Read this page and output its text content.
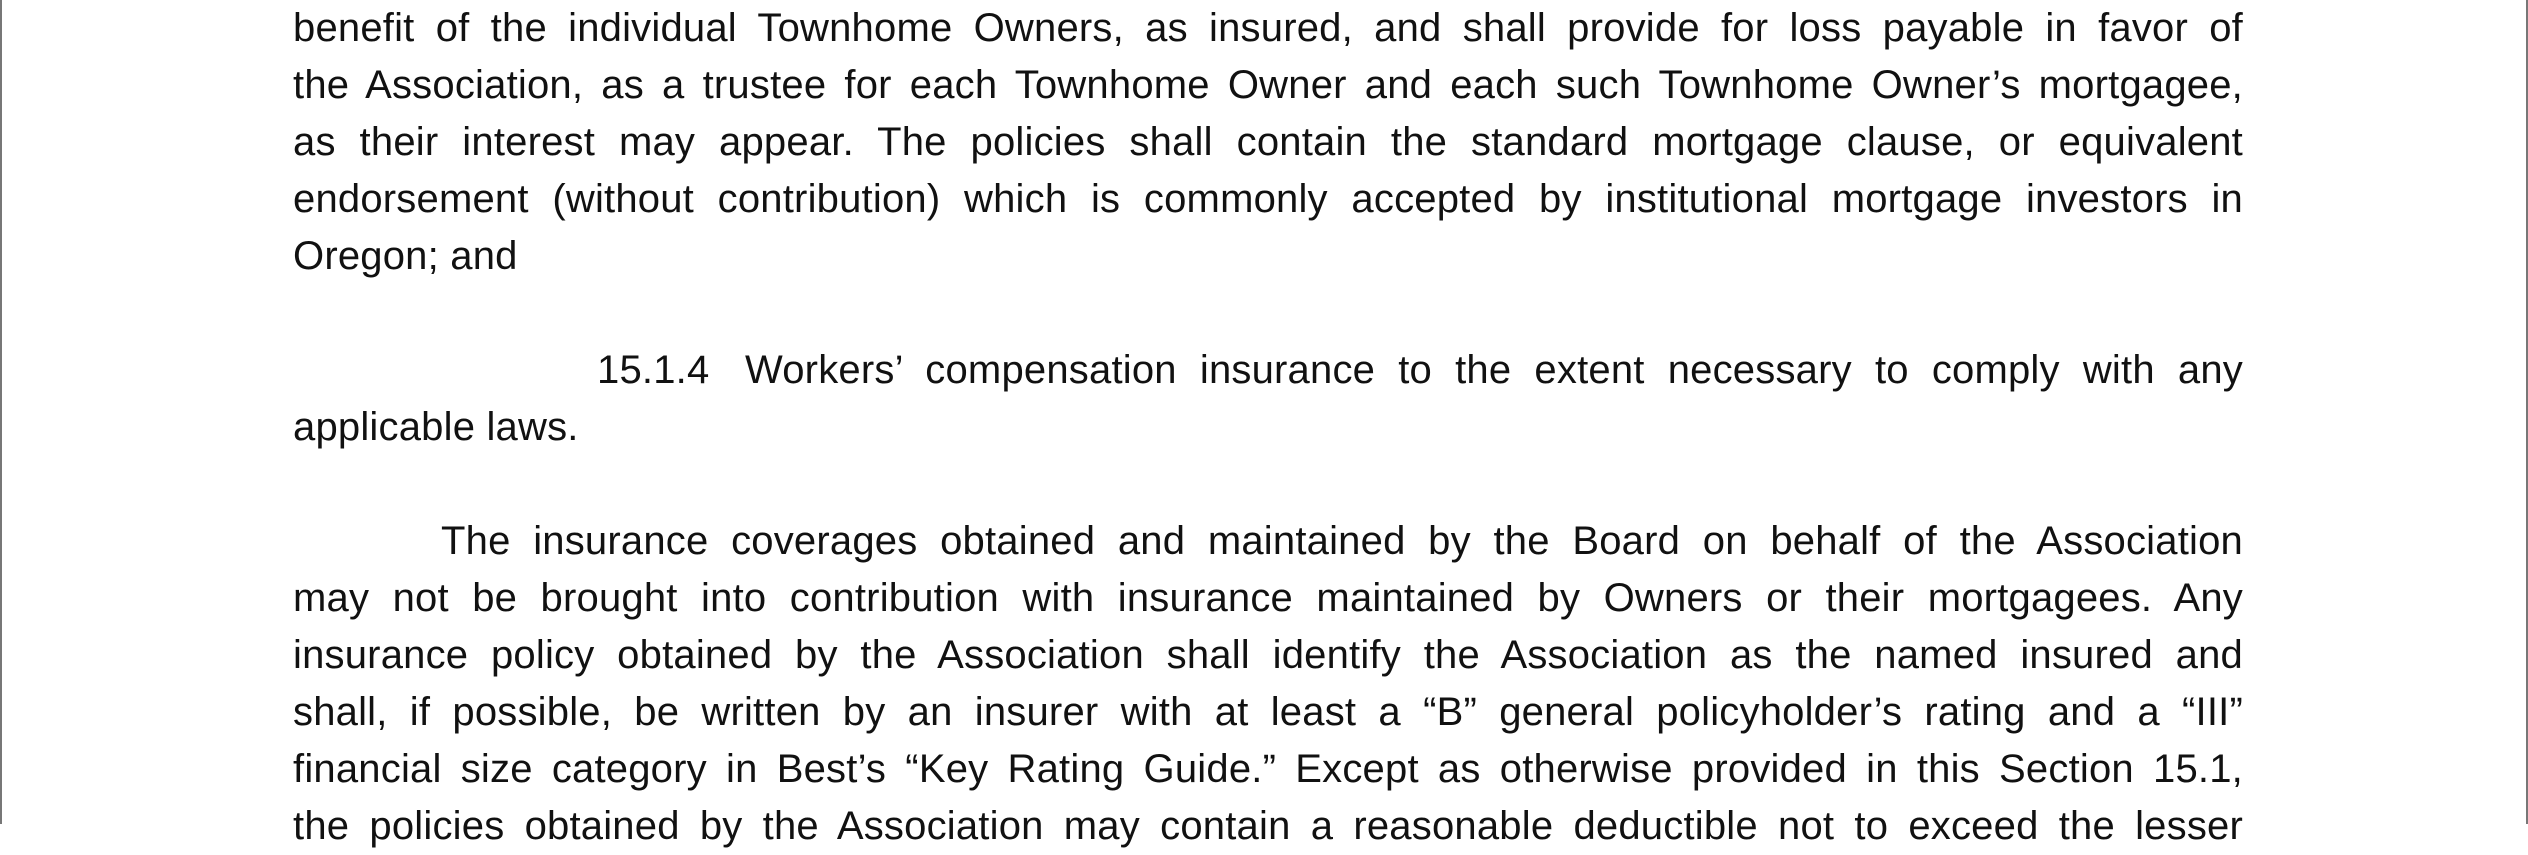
benefit of the individual Townhome Owners, as insured, and shall provide for loss payable in favor of
the Association, as a trustee for each Townhome Owner and each such Townhome Owner’s mortgagee,
as their interest may appear. The policies shall contain the standard mortgage clause, or equivalent
endorsement (without contribution) which is commonly accepted by institutional mortgage investors in
Oregon; and
15.1.4 Workers’ compensation insurance to the extent necessary to comply with any
applicable laws.
The insurance coverages obtained and maintained by the Board on behalf of the Association
may not be brought into contribution with insurance maintained by Owners or their mortgagees. Any
insurance policy obtained by the Association shall identify the Association as the named insured and
shall, if possible, be written by an insurer with at least a “B” general policyholder’s rating and a “III”
financial size category in Best’s “Key Rating Guide.” Except as otherwise provided in this Section 15.1,
the policies obtained by the Association may contain a reasonable deductible not to exceed the lesser
